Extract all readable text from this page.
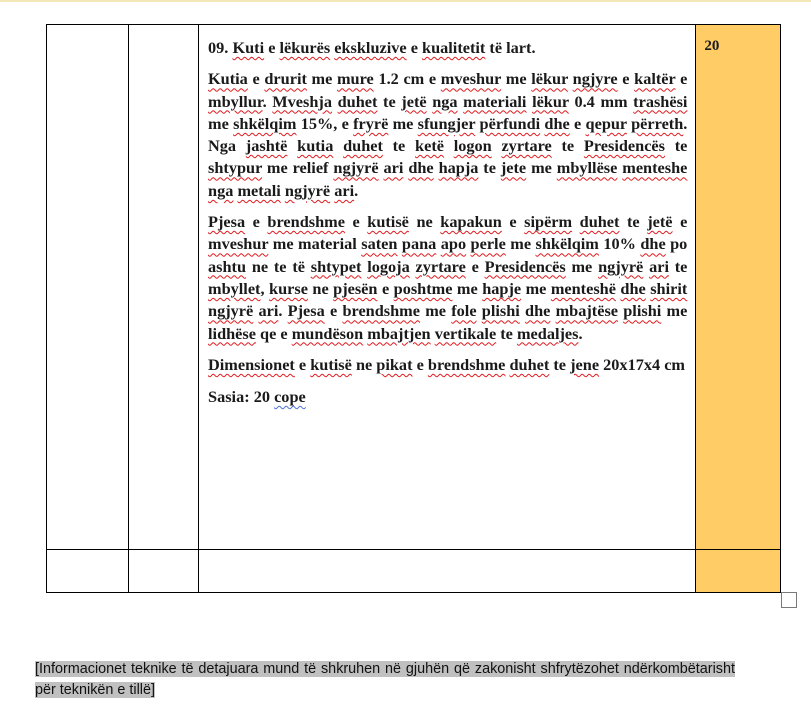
		09. Kuti e lëkurës ekskluzive e kualitetit të lart.

Kutia e drurit me mure 1.2 cm e mveshur me lëkur ngjyre e kaltër e mbyllur. Mveshja duhet te jetë nga materiali lëkur 0.4 mm trashësi me shkëlqim 15%, e fryrë me sfungjer përfundi dhe e qepur përreth. Nga jashtë kutia duhet te ketë logon zyrtare te Presidencës te shtypur me relief ngjyrë ari dhe hapja te jete me mbyllëse menteshe nga metali ngjyrë ari.

Pjesa e brendshme e kutisë ne kapakun e sipërm duhet te jetë e mveshur me material saten pana apo perle me shkëlqim 10% dhe po ashtu ne te të shtypet logoja zyrtare e Presidencës me ngjyrë ari te mbyllet, kurse ne pjesën e poshtme me hapje me menteshë dhe shirit ngjyrë ari. Pjesa e brendshme me fole plishi dhe mbajtëse plishi me lidhëse qe e mundëson mbajtjen vertikale te medaljes.

Dimensionet e kutisë ne pikat e brendshme duhet te jene 20x17x4 cm

Sasia: 20 cope	20

[Informacionet teknike të detajuara mund të shkruhen në gjuhën që zakonisht shfrytëzohet ndërkombëtarisht për teknikën e tillë]
